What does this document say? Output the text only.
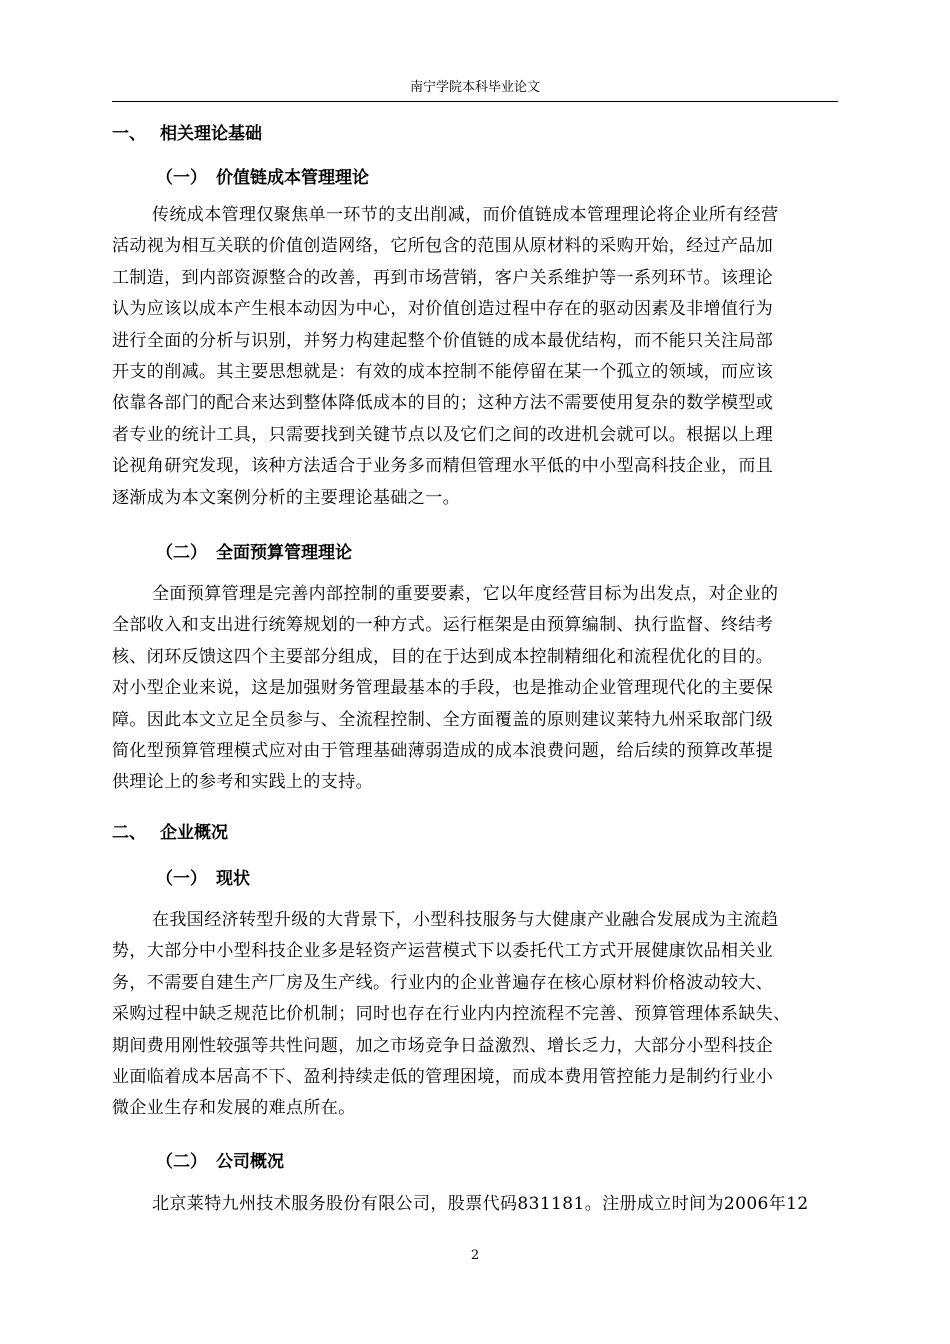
南宁学院本科毕业论文
一、 相关理论基础
（一） 价值链成本管理理论
传统成本管理仅聚焦单一环节的支出削减，而价值链成本管理理论将企业所有经营
活动视为相互关联的价值创造网络，它所包含的范围从原材料的采购开始，经过产品加
工制造，到内部资源整合的改善，再到市场营销，客户关系维护等一系列环节。该理论
认为应该以成本产生根本动因为中心，对价值创造过程中存在的驱动因素及非增值行为
进行全面的分析与识别，并努力构建起整个价值链的成本最优结构，而不能只关注局部
开支的削减。其主要思想就是：有效的成本控制不能停留在某一个孤立的领域，而应该
依靠各部门的配合来达到整体降低成本的目的；这种方法不需要使用复杂的数学模型或
者专业的统计工具，只需要找到关键节点以及它们之间的改进机会就可以。根据以上理
论视角研究发现，该种方法适合于业务多而精但管理水平低的中小型高科技企业，而且
逐渐成为本文案例分析的主要理论基础之一。
（二） 全面预算管理理论
全面预算管理是完善内部控制的重要要素，它以年度经营目标为出发点，对企业的
全部收入和支出进行统筹规划的一种方式。运行框架是由预算编制、执行监督、终结考
核、闭环反馈这四个主要部分组成，目的在于达到成本控制精细化和流程优化的目的。
对小型企业来说，这是加强财务管理最基本的手段，也是推动企业管理现代化的主要保
障。因此本文立足全员参与、全流程控制、全方面覆盖的原则建议莱特九州采取部门级
简化型预算管理模式应对由于管理基础薄弱造成的成本浪费问题，给后续的预算改革提
供理论上的参考和实践上的支持。
二、 企业概况
（一） 现状
在我国经济转型升级的大背景下，小型科技服务与大健康产业融合发展成为主流趋
势，大部分中小型科技企业多是轻资产运营模式下以委托代工方式开展健康饮品相关业
务，不需要自建生产厂房及生产线。行业内的企业普遍存在核心原材料价格波动较大、
采购过程中缺乏规范比价机制；同时也存在行业内内控流程不完善、预算管理体系缺失、
期间费用刚性较强等共性问题，加之市场竞争日益激烈、增长乏力，大部分小型科技企
业面临着成本居高不下、盈利持续走低的管理困境，而成本费用管控能力是制约行业小
微企业生存和发展的难点所在。
（二） 公司概况
北京莱特九州技术服务股份有限公司，股票代码831181。注册成立时间为2006年12
2
